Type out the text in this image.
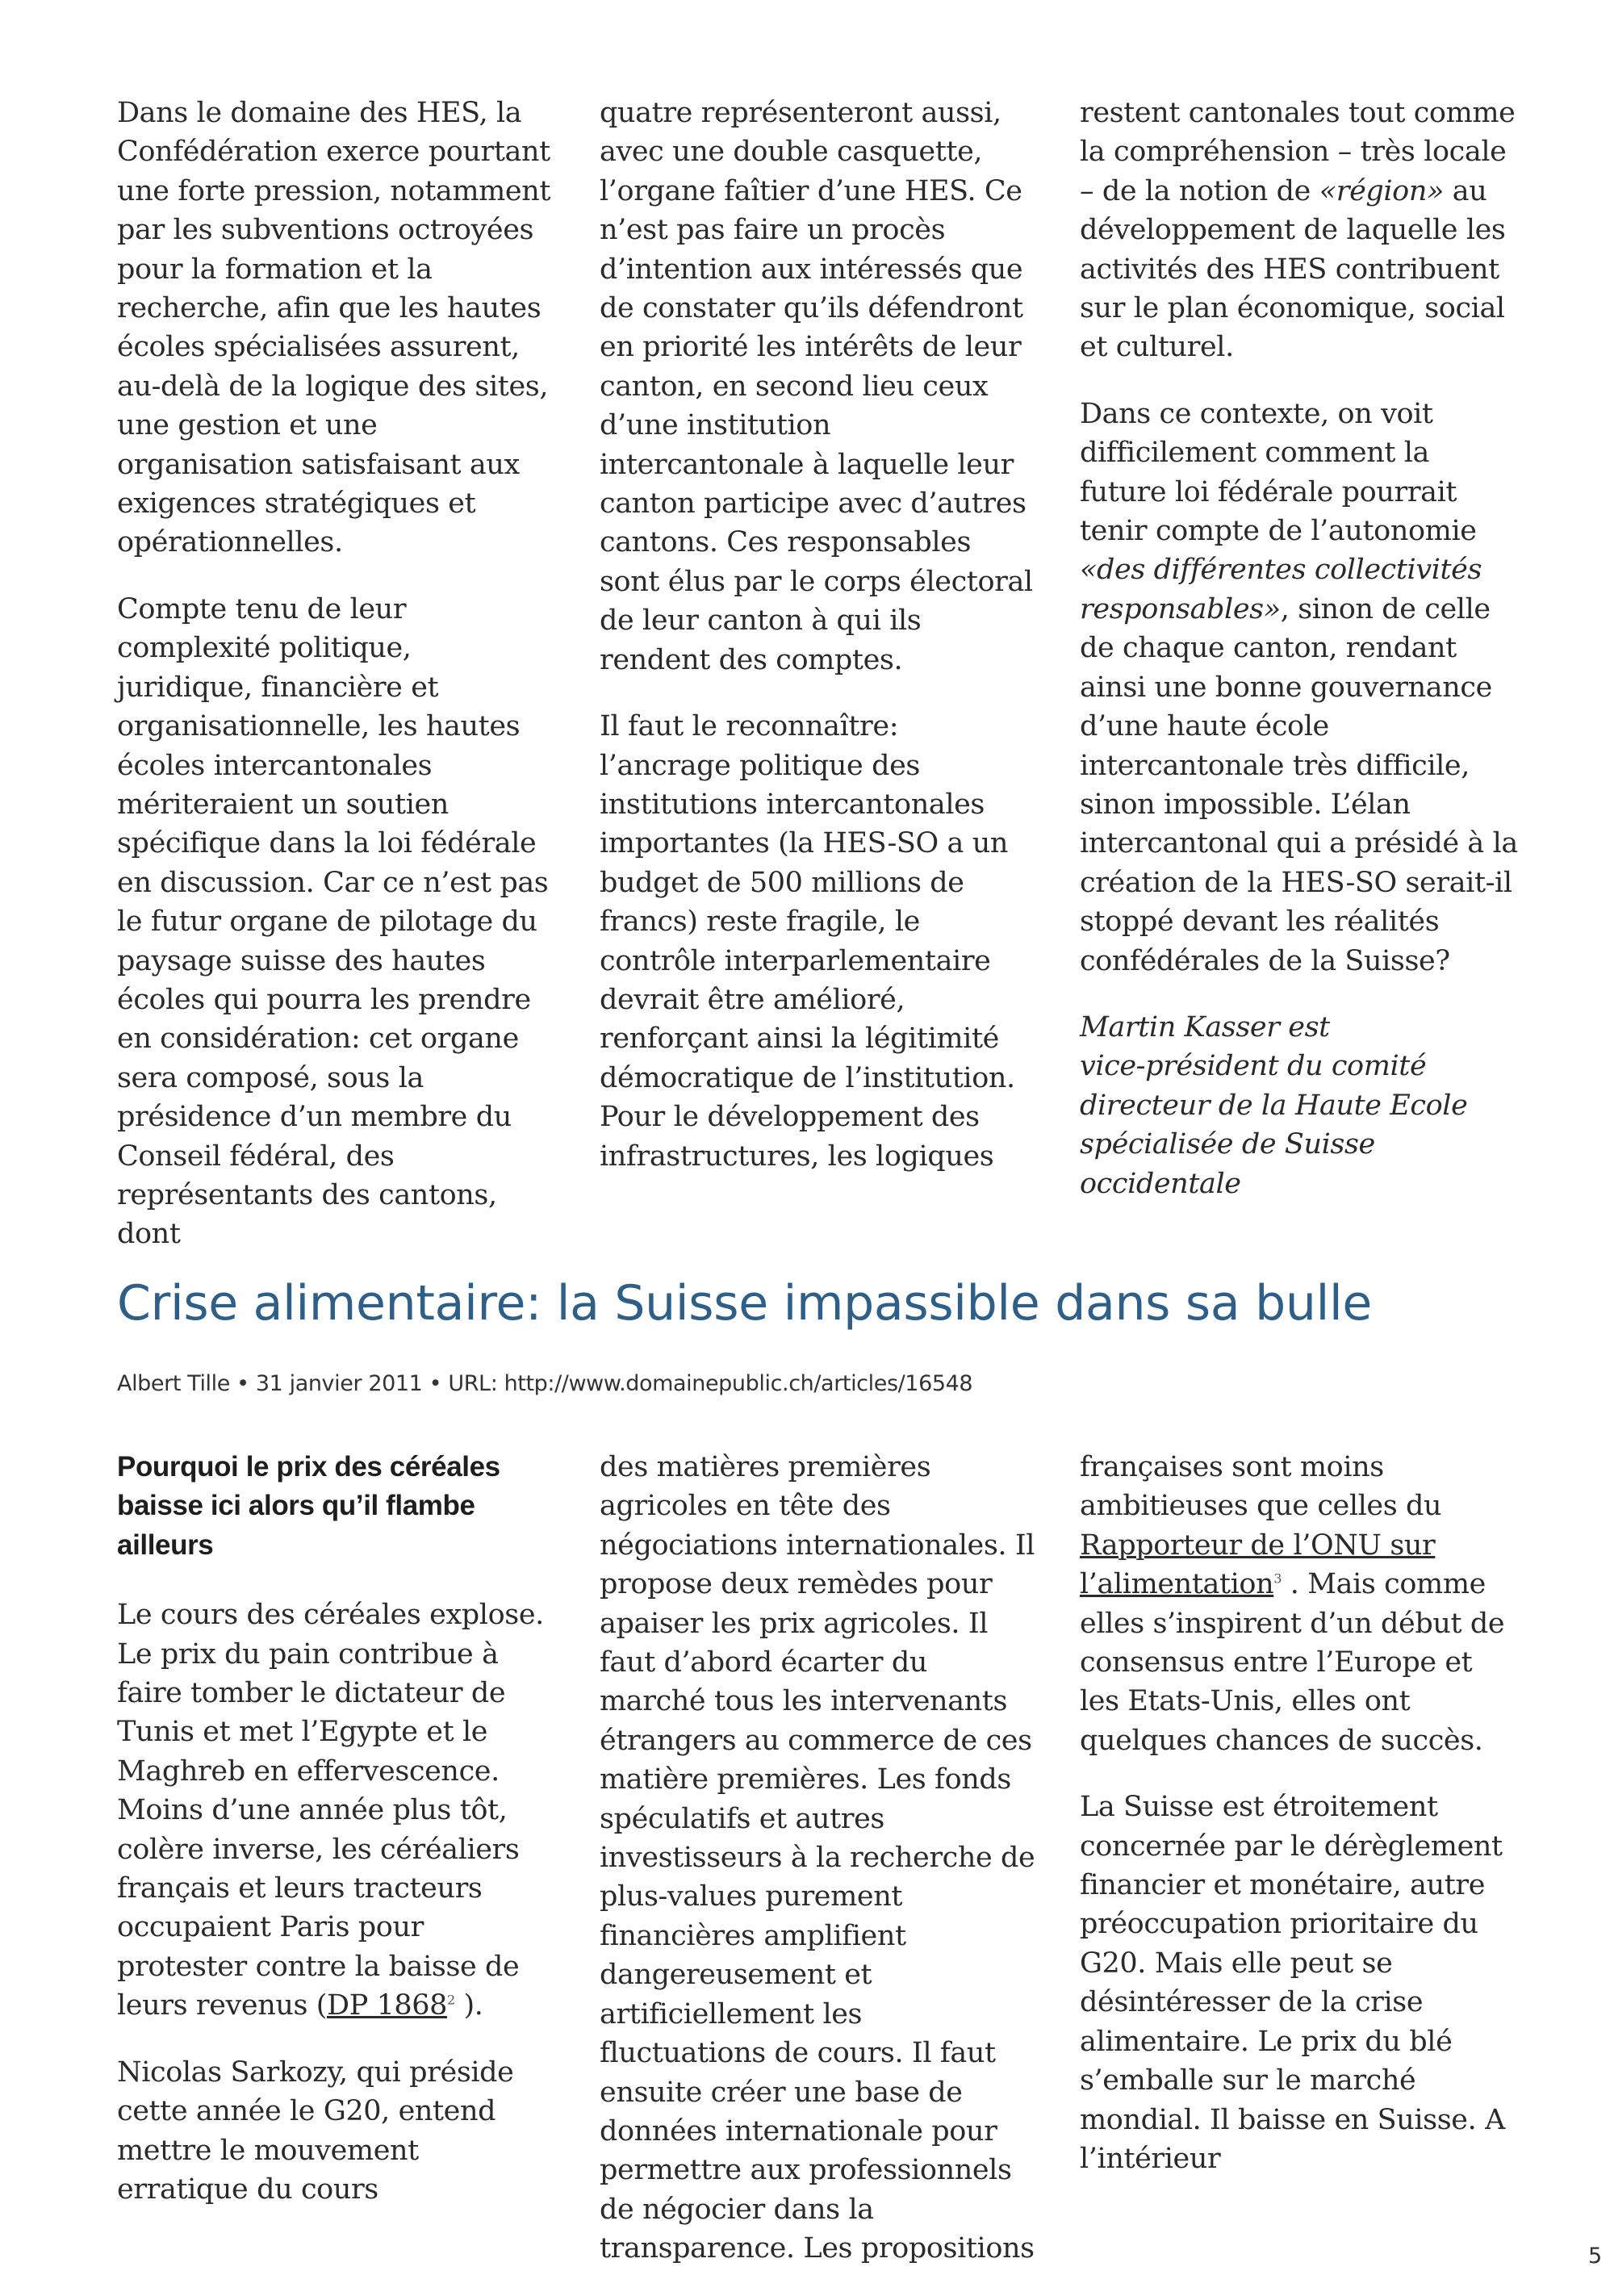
Dans le domaine des HES, la Confédération exerce pourtant une forte pression, notamment par les subventions octroyées pour la formation et la recherche, afin que les hautes écoles spécialisées assurent, au-delà de la logique des sites, une gestion et une organisation satisfaisant aux exigences stratégiques et opérationnelles.

Compte tenu de leur complexité politique, juridique, financière et organisationnelle, les hautes écoles intercantonales mériteraient un soutien spécifique dans la loi fédérale en discussion. Car ce n’est pas le futur organe de pilotage du paysage suisse des hautes écoles qui pourra les prendre en considération: cet organe sera composé, sous la présidence d’un membre du Conseil fédéral, des représentants des cantons, dont

quatre représenteront aussi, avec une double casquette, l’organe faîtier d’une HES. Ce n’est pas faire un procès d’intention aux intéressés que de constater qu’ils défendront en priorité les intérêts de leur canton, en second lieu ceux d’une institution intercantonale à laquelle leur canton participe avec d’autres cantons. Ces responsables sont élus par le corps électoral de leur canton à qui ils rendent des comptes.

Il faut le reconnaître: l’ancrage politique des institutions intercantonales importantes (la HES-SO a un budget de 500 millions de francs) reste fragile, le contrôle interparlementaire devrait être amélioré, renforçant ainsi la légitimité démocratique de l’institution. Pour le développement des infrastructures, les logiques

restent cantonales tout comme la compréhension – très locale – de la notion de «région» au développement de laquelle les activités des HES contribuent sur le plan économique, social et culturel.

Dans ce contexte, on voit difficilement comment la future loi fédérale pourrait tenir compte de l’autonomie «des différentes collectivités responsables», sinon de celle de chaque canton, rendant ainsi une bonne gouvernance d’une haute école intercantonale très difficile, sinon impossible. L’élan intercantonal qui a présidé à la création de la HES-SO serait-il stoppé devant les réalités confédérales de la Suisse?

Martin Kasser est
vice-président du comité
directeur de la Haute Ecole
spécialisée de Suisse occidentale

Crise alimentaire: la Suisse impassible dans sa bulle
Albert Tille • 31 janvier 2011 • URL: http://www.domainepublic.ch/articles/16548
Pourquoi le prix des céréales baisse ici alors qu’il flambe ailleurs

Le cours des céréales explose. Le prix du pain contribue à faire tomber le dictateur de Tunis et met l’Egypte et le Maghreb en effervescence. Moins d’une année plus tôt, colère inverse, les céréaliers français et leurs tracteurs occupaient Paris pour protester contre la baisse de leurs revenus (DP 1868$^2$ ).

Nicolas Sarkozy, qui préside cette année le G20, entend mettre le mouvement erratique du cours

des matières premières agricoles en tête des négociations internationales. Il propose deux remèdes pour apaiser les prix agricoles. Il faut d’abord écarter du marché tous les intervenants étrangers au commerce de ces matière premières. Les fonds spéculatifs et autres investisseurs à la recherche de plus-values purement financières amplifient dangereusement et artificiellement les fluctuations de cours. Il faut ensuite créer une base de données internationale pour permettre aux professionnels de négocier dans la transparence. Les propositions

françaises sont moins ambitieuses que celles du Rapporteur de l’ONU sur l’alimentation$^3$ . Mais comme elles s’inspirent d’un début de consensus entre l’Europe et les Etats-Unis, elles ont quelques chances de succès.

La Suisse est étroitement concernée par le dérèglement financier et monétaire, autre préoccupation prioritaire du G20. Mais elle peut se désintéresser de la crise alimentaire. Le prix du blé s’emballe sur le marché mondial. Il baisse en Suisse. A l’intérieur

5
